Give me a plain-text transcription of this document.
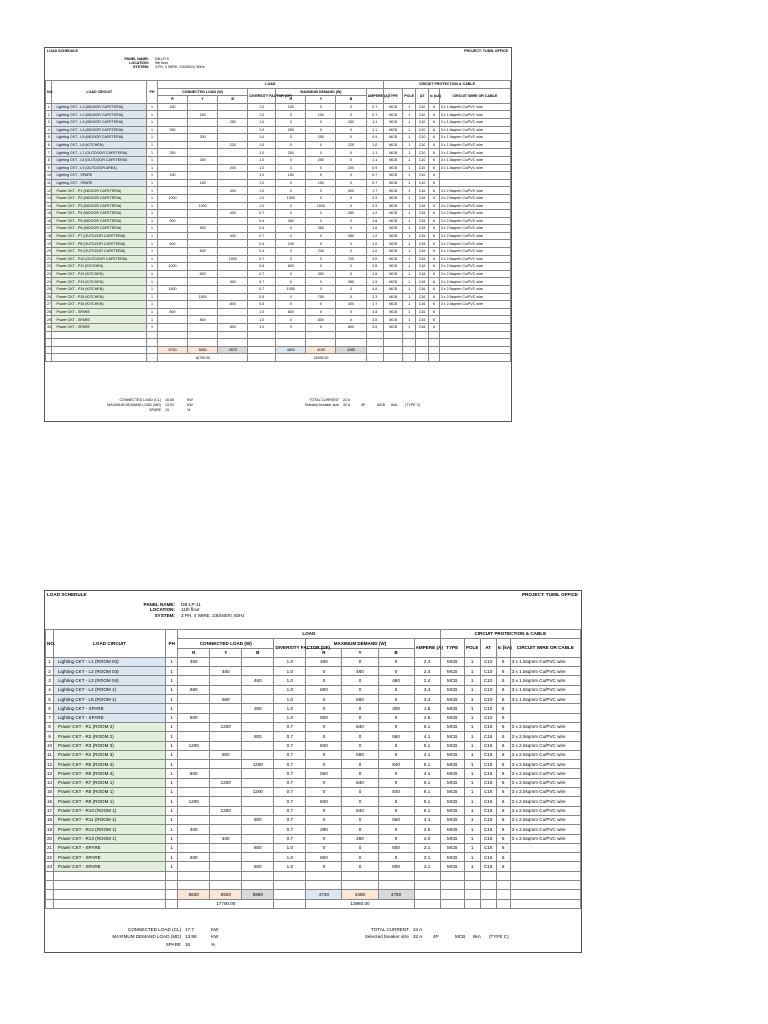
LOAD SCHEDULE	PROJECT: TUMIL OFFICE
PANEL NAME:	DB-LP-9
LOCATION:	9th floor
SYSTEM:	3 PH, 4 WIRE, 230/400V, 50Hz
NO.	LOAD CIRCUIT	PH	LOAD								CIRCUIT PROTECTION & CABLE				
			CONNECTED LOAD (W)			DIVERSITY FACTOR (DF)	MAXIMUM DEMAND (W)			AMPERE (A)	TYPE	POLE	AT	Ic (kA)	CIRCUIT WIRE OR CABLE
			R	Y	B		R	Y	B						
1	Lighting CKT - L1 (INDOOR CAFETERIA)	1	150			1.0	150	0	0	0.7	MCB	1	C10	6	3 x 1.5sqmm Cu/PVC wire
2	Lighting CKT - L2 (INDOOR CAFETERIA)	1		150		1.0	0	150	0	0.7	MCB	1	C10	6	3 x 1.5sqmm Cu/PVC wire
3	Lighting CKT - L3 (INDOOR CAFETERIA)	1			250	1.0	0	0	250	1.1	MCB	1	C10	6	3 x 1.5sqmm Cu/PVC wire
4	Lighting CKT - L4 (INDOOR CAFETERIA)	1	250			1.0	250	0	0	1.1	MCB	1	C10	6	3 x 1.5sqmm Cu/PVC wire
5	Lighting CKT - L5 (INDOOR CAFETERIA)	1		200		1.0	0	200	0	0.9	MCB	1	C10	6	3 x 1.5sqmm Cu/PVC wire
6	Lighting CKT - L6 (KITCHEN)	1			225	1.0	0	0	225	1.0	MCB	1	C10	6	3 x 1.5sqmm Cu/PVC wire
7	Lighting CKT - L7 (OUTDOOR CAFETERIA)	1	250			1.0	250	0	0	1.1	MCB	1	C10	6	3 x 1.5sqmm Cu/PVC wire
8	Lighting CKT - L8 (OUTDOOR CAFETERIA)	1		250		1.0	0	250	0	1.1	MCB	1	C10	6	3 x 1.5sqmm Cu/PVC wire
9	Lighting CKT - L9 (OUTDOOR AREA)	1			200	1.0	0	0	200	0.9	MCB	1	C10	6	3 x 1.5sqmm Cu/PVC wire
10	Lighting CKT - SPARE	1	150			1.0	150	0	0	0.7	MCB	1	C10	6	
11	Lighting CKT - SPARE	1		150		1.0	0	150	0	0.7	MCB	1	C10	6	
12	Power CKT - P1 (INDOOR CAFETERIA)	1			400	1.0	0	0	400	1.7	MCB	1	C16	6	3 x 2.5sqmm Cu/PVC wire
13	Power CKT - P2 (INDOOR CAFETERIA)	1	1000			1.0	1000	0	0	4.3	MCB	1	C16	6	3 x 2.5sqmm Cu/PVC wire
14	Power CKT - P3 (INDOOR CAFETERIA)	1		1000		1.0	0	1000	0	4.3	MCB	1	C16	6	3 x 2.5sqmm Cu/PVC wire
15	Power CKT - P4 (INDOOR CAFETERIA)	1			400	0.7	0	0	280	1.2	MCB	1	C16	6	3 x 2.5sqmm Cu/PVC wire
16	Power CKT - P5 (INDOOR CAFETERIA)	1	900			0.4	360	0	0	1.6	MCB	1	C16	6	3 x 2.5sqmm Cu/PVC wire
17	Power CKT - P6 (INDOOR CAFETERIA)	1		900		0.4	0	360	0	1.6	MCB	1	C16	6	3 x 2.5sqmm Cu/PVC wire
18	Power CKT - P7 (OUTDOOR CAFETERIA)	1			400	0.7	0	0	280	1.2	MCB	1	C16	6	3 x 2.5sqmm Cu/PVC wire
19	Power CKT - P8 (OUTDOOR CAFETERIA)	1	600			0.4	240	0	0	1.0	MCB	1	C16	6	3 x 2.5sqmm Cu/PVC wire
20	Power CKT - P9 (OUTDOOR CAFETERIA)	1		600		0.4	0	240	0	1.0	MCB	1	C16	6	3 x 2.5sqmm Cu/PVC wire
21	Power CKT - P10 (OUTDOOR CAFETERIA)	1			1000	0.7	0	0	700	3.0	MCB	1	C16	6	3 x 2.5sqmm Cu/PVC wire
22	Power CKT - P11 (KITCHEN)	1	1000			0.6	600	0	0	2.6	MCB	1	C16	6	3 x 2.5sqmm Cu/PVC wire
23	Power CKT - P12 (KITCHEN)	1		500		0.7	0	350	0	1.5	MCB	1	C16	6	3 x 2.5sqmm Cu/PVC wire
24	Power CKT - P13 (KITCHEN)	1			500	0.7	0	0	350	1.5	MCB	1	C16	6	3 x 2.5sqmm Cu/PVC wire
25	Power CKT - P14 (KITCHEN)	1	1500			0.7	1050	0	0	4.6	MCB	1	C16	6	3 x 2.5sqmm Cu/PVC wire
26	Power CKT - P15 (KITCHEN)	1		1500		0.5	0	750	0	3.3	MCB	1	C16	6	3 x 2.5sqmm Cu/PVC wire
27	Power CKT - P16 (KITCHEN)	1			800	0.5	0	0	400	1.7	MCB	1	C16	6	3 x 2.5sqmm Cu/PVC wire
28	Power CKT - SPARE	1	800			1.0	800	0	0	3.5	MCB	1	C16	6	
29	Power CKT - SPARE	1		800		1.0	0	800	0	3.5	MCB	1	C16	6	
30	Power CKT - SPARE	1			800	1.0	0	0	800	3.5	MCB	1	C16	6	

			6750	5650	4975		4800	4150	4285						
			16790.00				13095.00								
CONNECTED LOAD (CL)	16.55	KW	TOTAL CURRENT	22 A
MAXIMUM DEMAND LOAD (MD)	13.02	KW	Selected breaker size	32 A	4P	MCB	6kA	(TYPE C)
SPARE	15	%
LOAD SCHEDULE	PROJECT: TUMIL OFFICE
PANEL NAME:	DB-LP-11
LOCATION:	11th floor
SYSTEM:	3 PH, 4 WIRE, 230/400V, 50Hz
NO.	LOAD CIRCUIT	PH	LOAD								CIRCUIT PROTECTION & CABLE				
			CONNECTED LOAD (W)			DIVERSITY FACTOR (DF)	MAXIMUM DEMAND (W)			AMPERE (A)	TYPE	POLE	AT	Ic (kA)	CIRCUIT WIRE OR CABLE
			R	Y	B		R	Y	B						
1	Lighting CKT - L1 (ROOM 02)	1	460			1.0	460	0	0	2.4	MCB	1	C10	6	3 x 1.5sqmm Cu/PVC wire
2	Lighting CKT - L2 (ROOM 03)	1		460		1.0	0	460	0	2.4	MCB	1	C10	6	3 x 1.5sqmm Cu/PVC wire
3	Lighting CKT - L3 (ROOM 04)	1			460	1.0	0	0	460	2.4	MCB	1	C10	6	3 x 1.5sqmm Cu/PVC wire
4	Lighting CKT - L4 (ROOM 1)	1	660			1.0	660	0	0	3.4	MCB	1	C10	6	3 x 1.5sqmm Cu/PVC wire
5	Lighting CKT - L5 (ROOM 1)	1		660		1.0	0	660	0	3.4	MCB	1	C10	6	3 x 1.5sqmm Cu/PVC wire
6	Lighting CKT - SPARE	1			300	1.0	0	0	300	1.5	MCB	1	C10	6	
7	Lighting CKT - SPARE	1	500			1.0	500	0	0	2.6	MCB	1	C10	6	
8	Power CKT - R1 (ROOM 2)	1		1200		0.7	0	840	0	6.1	MCB	1	C16	6	3 x 2.5sqmm Cu/PVC wire
9	Power CKT - R2 (ROOM 2)	1			800	0.7	0	0	560	4.1	MCB	1	C16	6	3 x 2.5sqmm Cu/PVC wire
10	Power CKT - R3 (ROOM 3)	1	1200			0.7	840	0	0	6.1	MCB	1	C16	6	3 x 2.5sqmm Cu/PVC wire
11	Power CKT - R4 (ROOM 3)	1		800		0.7	0	560	0	4.1	MCB	1	C16	6	3 x 2.5sqmm Cu/PVC wire
12	Power CKT - R5 (ROOM 4)	1			1200	0.7	0	0	840	6.1	MCB	1	C16	6	3 x 2.5sqmm Cu/PVC wire
13	Power CKT - R6 (ROOM 4)	1	800			0.7	560	0	0	4.1	MCB	1	C16	6	3 x 2.5sqmm Cu/PVC wire
14	Power CKT - R7 (ROOM 1)	1		1200		0.7	0	840	0	6.1	MCB	1	C16	6	3 x 2.5sqmm Cu/PVC wire
15	Power CKT - R8 (ROOM 1)	1			1200	0.7	0	0	840	6.1	MCB	1	C16	6	3 x 2.5sqmm Cu/PVC wire
16	Power CKT - R9 (ROOM 1)	1	1200			0.7	840	0	0	6.1	MCB	1	C16	6	3 x 2.5sqmm Cu/PVC wire
17	Power CKT - R10 (ROOM 1)	1		1200		0.7	0	840	0	6.1	MCB	1	C16	6	3 x 2.5sqmm Cu/PVC wire
18	Power CKT - R11 (ROOM 1)	1			800	0.7	0	0	560	4.1	MCB	1	C16	6	3 x 2.5sqmm Cu/PVC wire
19	Power CKT - R12 (ROOM 1)	1	400			0.7	280	0	0	2.0	MCB	1	C16	6	3 x 2.5sqmm Cu/PVC wire
20	Power CKT - R13 (ROOM 1)	1		400		0.7	0	280	0	2.0	MCB	1	C16	6	3 x 2.5sqmm Cu/PVC wire
21	Power CKT - SPARE	1			600	1.0	0	0	600	3.1	MCB	1	C16	6	
22	Power CKT - SPARE	1	600			1.0	600	0	0	3.1	MCB	1	C16	6	
23	Power CKT - SPARE	1			600	1.0	0	0	600	3.1	MCB	1	C16	6	

			5820	5920	5960		4740	4480	4760						
			17700.00				13980.00								
CONNECTED LOAD (CL) 17.7	KW	TOTAL CURRENT 24 A
MAXIMUM DEMAND LOAD (MD) 13.98	KW	Selected breaker size 32 A	4P	MCB	6kA	(TYPE C)
SPARE 15	%
